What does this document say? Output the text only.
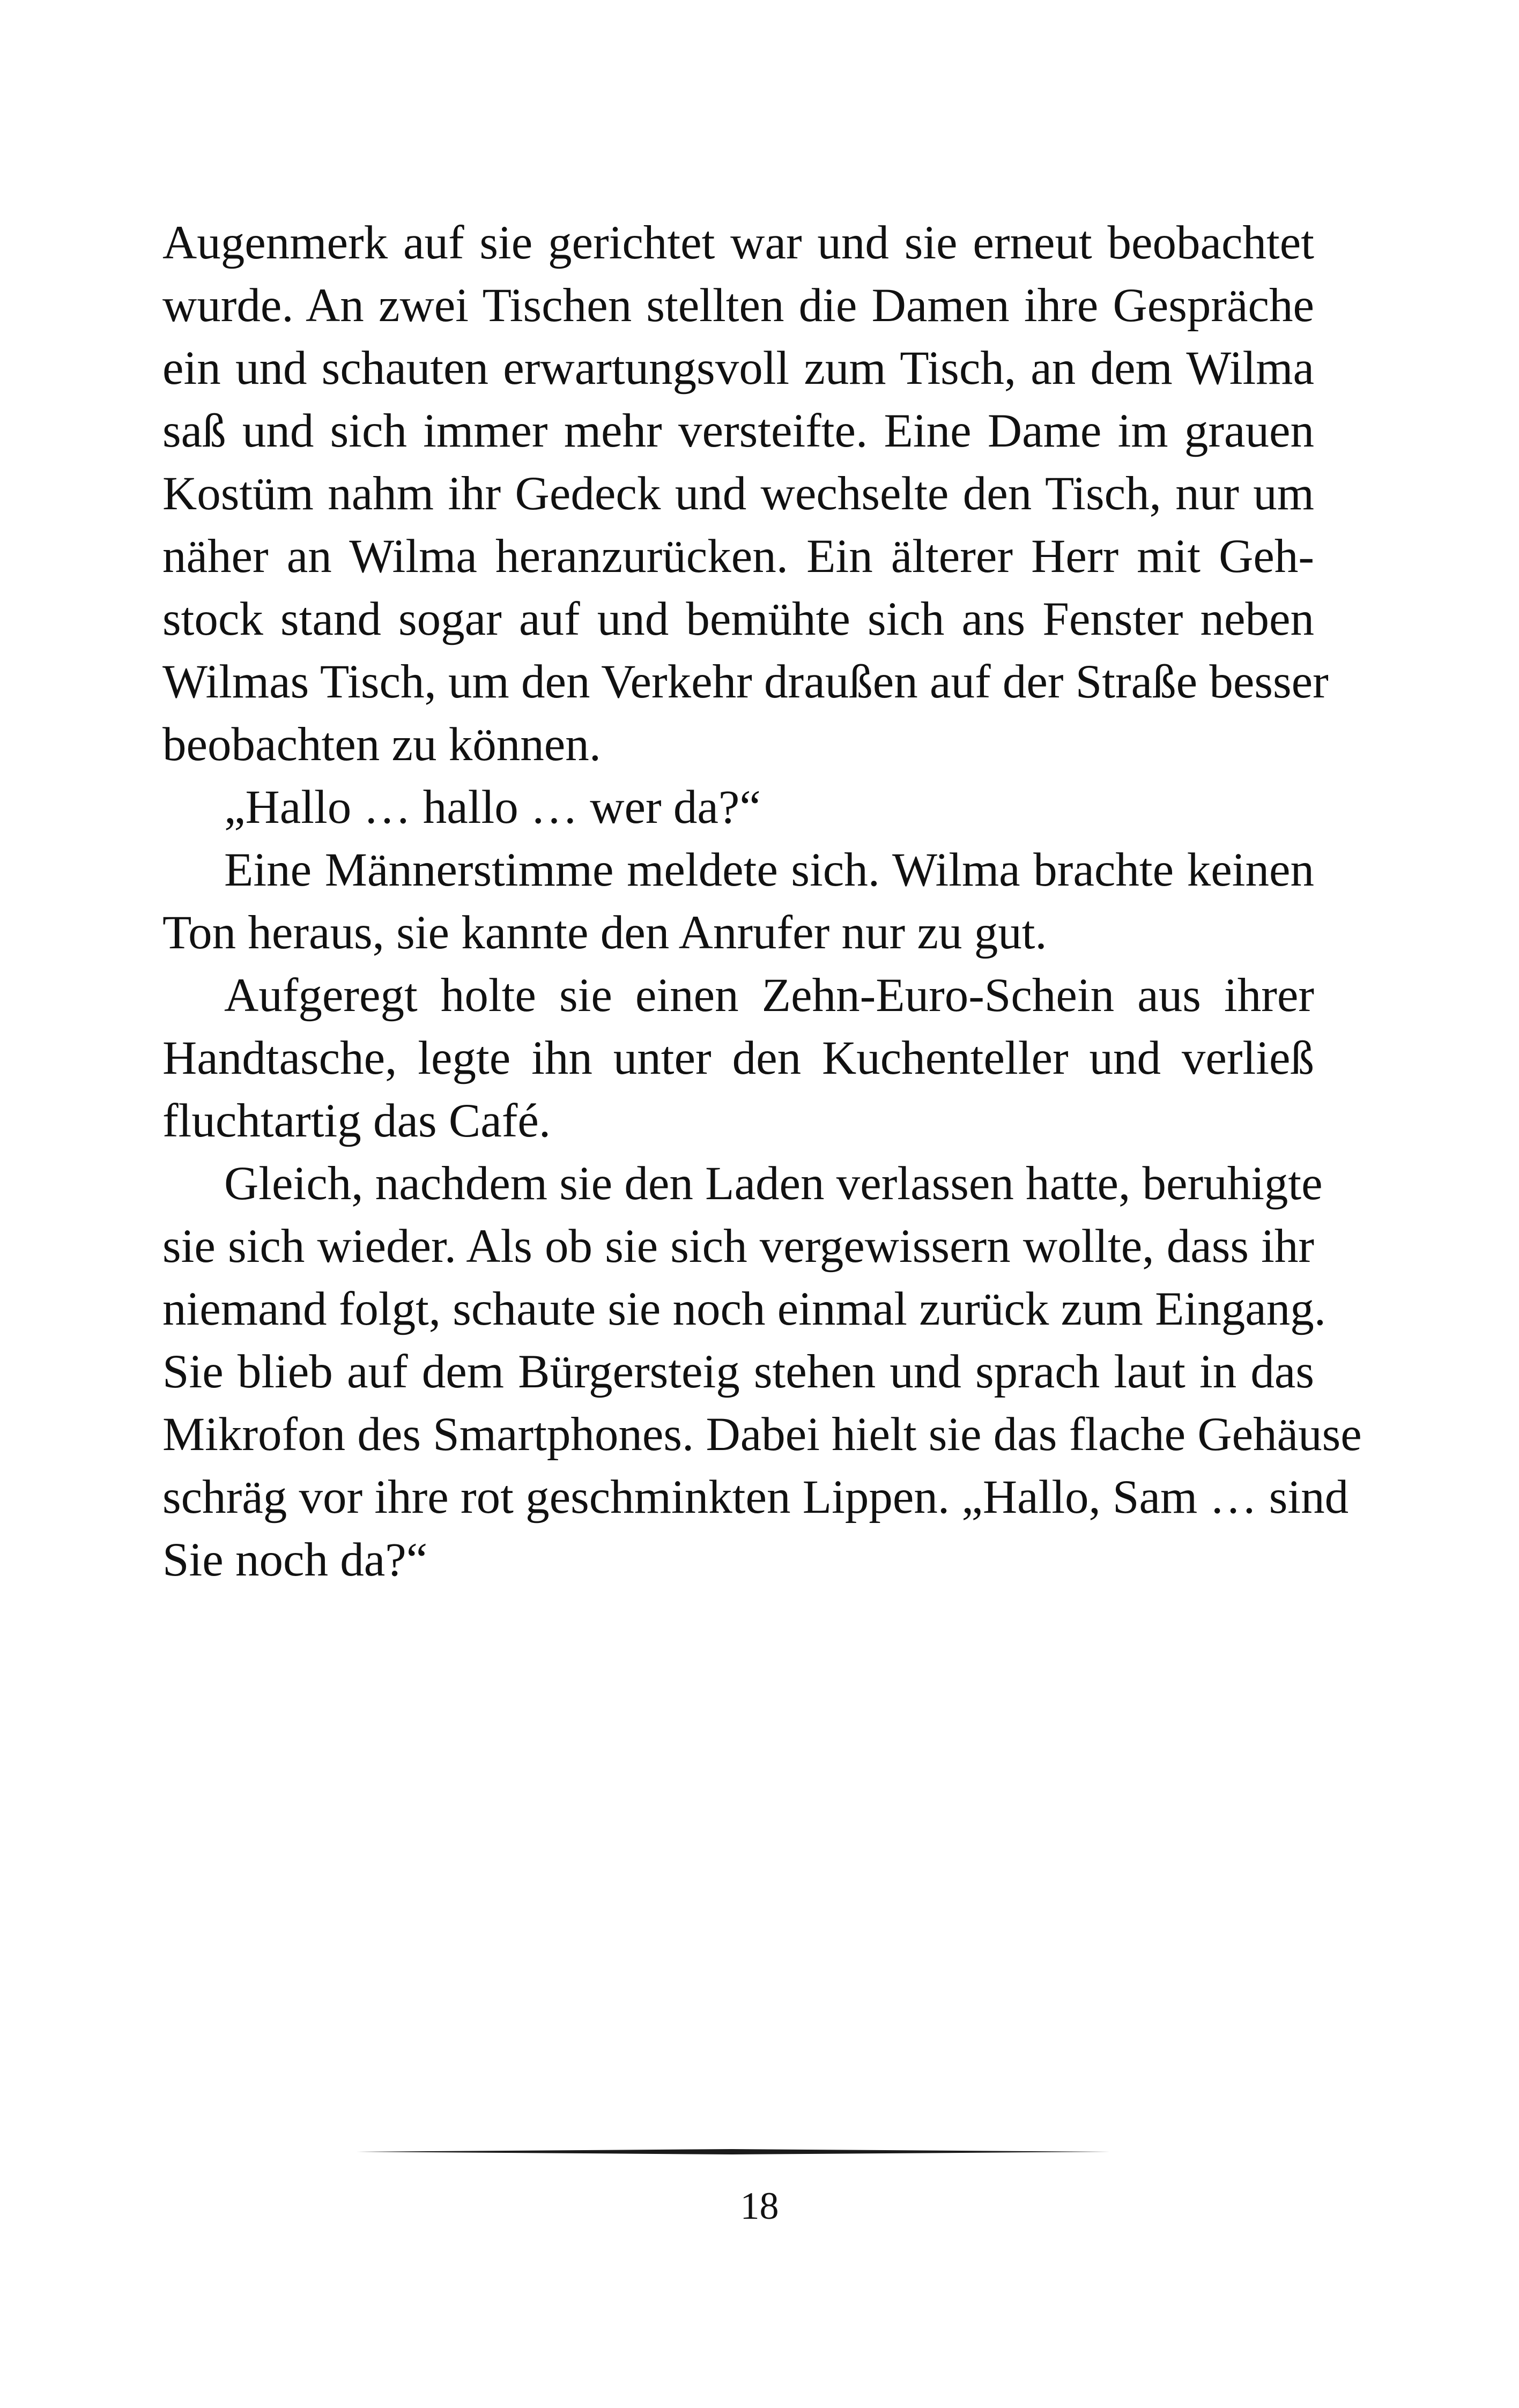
Augenmerk auf sie gerichtet war und sie erneut beobachtet
wurde. An zwei Tischen stellten die Damen ihre Gespräche
ein und schauten erwartungsvoll zum Tisch, an dem Wilma
saß und sich immer mehr versteifte. Eine Dame im grauen
Kostüm nahm ihr Gedeck und wechselte den Tisch, nur um
näher an Wilma heranzurücken. Ein älterer Herr mit Geh-
stock stand sogar auf und bemühte sich ans Fenster neben
Wilmas Tisch, um den Verkehr draußen auf der Straße besser
beobachten zu können.
„Hallo … hallo … wer da?“
Eine Männerstimme meldete sich. Wilma brachte keinen
Ton heraus, sie kannte den Anrufer nur zu gut.
Aufgeregt holte sie einen Zehn-Euro-Schein aus ihrer
Handtasche, legte ihn unter den Kuchenteller und verließ
fluchtartig das Café.
Gleich, nachdem sie den Laden verlassen hatte, beruhigte
sie sich wieder. Als ob sie sich vergewissern wollte, dass ihr
niemand folgt, schaute sie noch einmal zurück zum Eingang.
Sie blieb auf dem Bürgersteig stehen und sprach laut in das
Mikrofon des Smartphones. Dabei hielt sie das flache Gehäuse
schräg vor ihre rot geschminkten Lippen. „Hallo, Sam … sind
Sie noch da?“
18
